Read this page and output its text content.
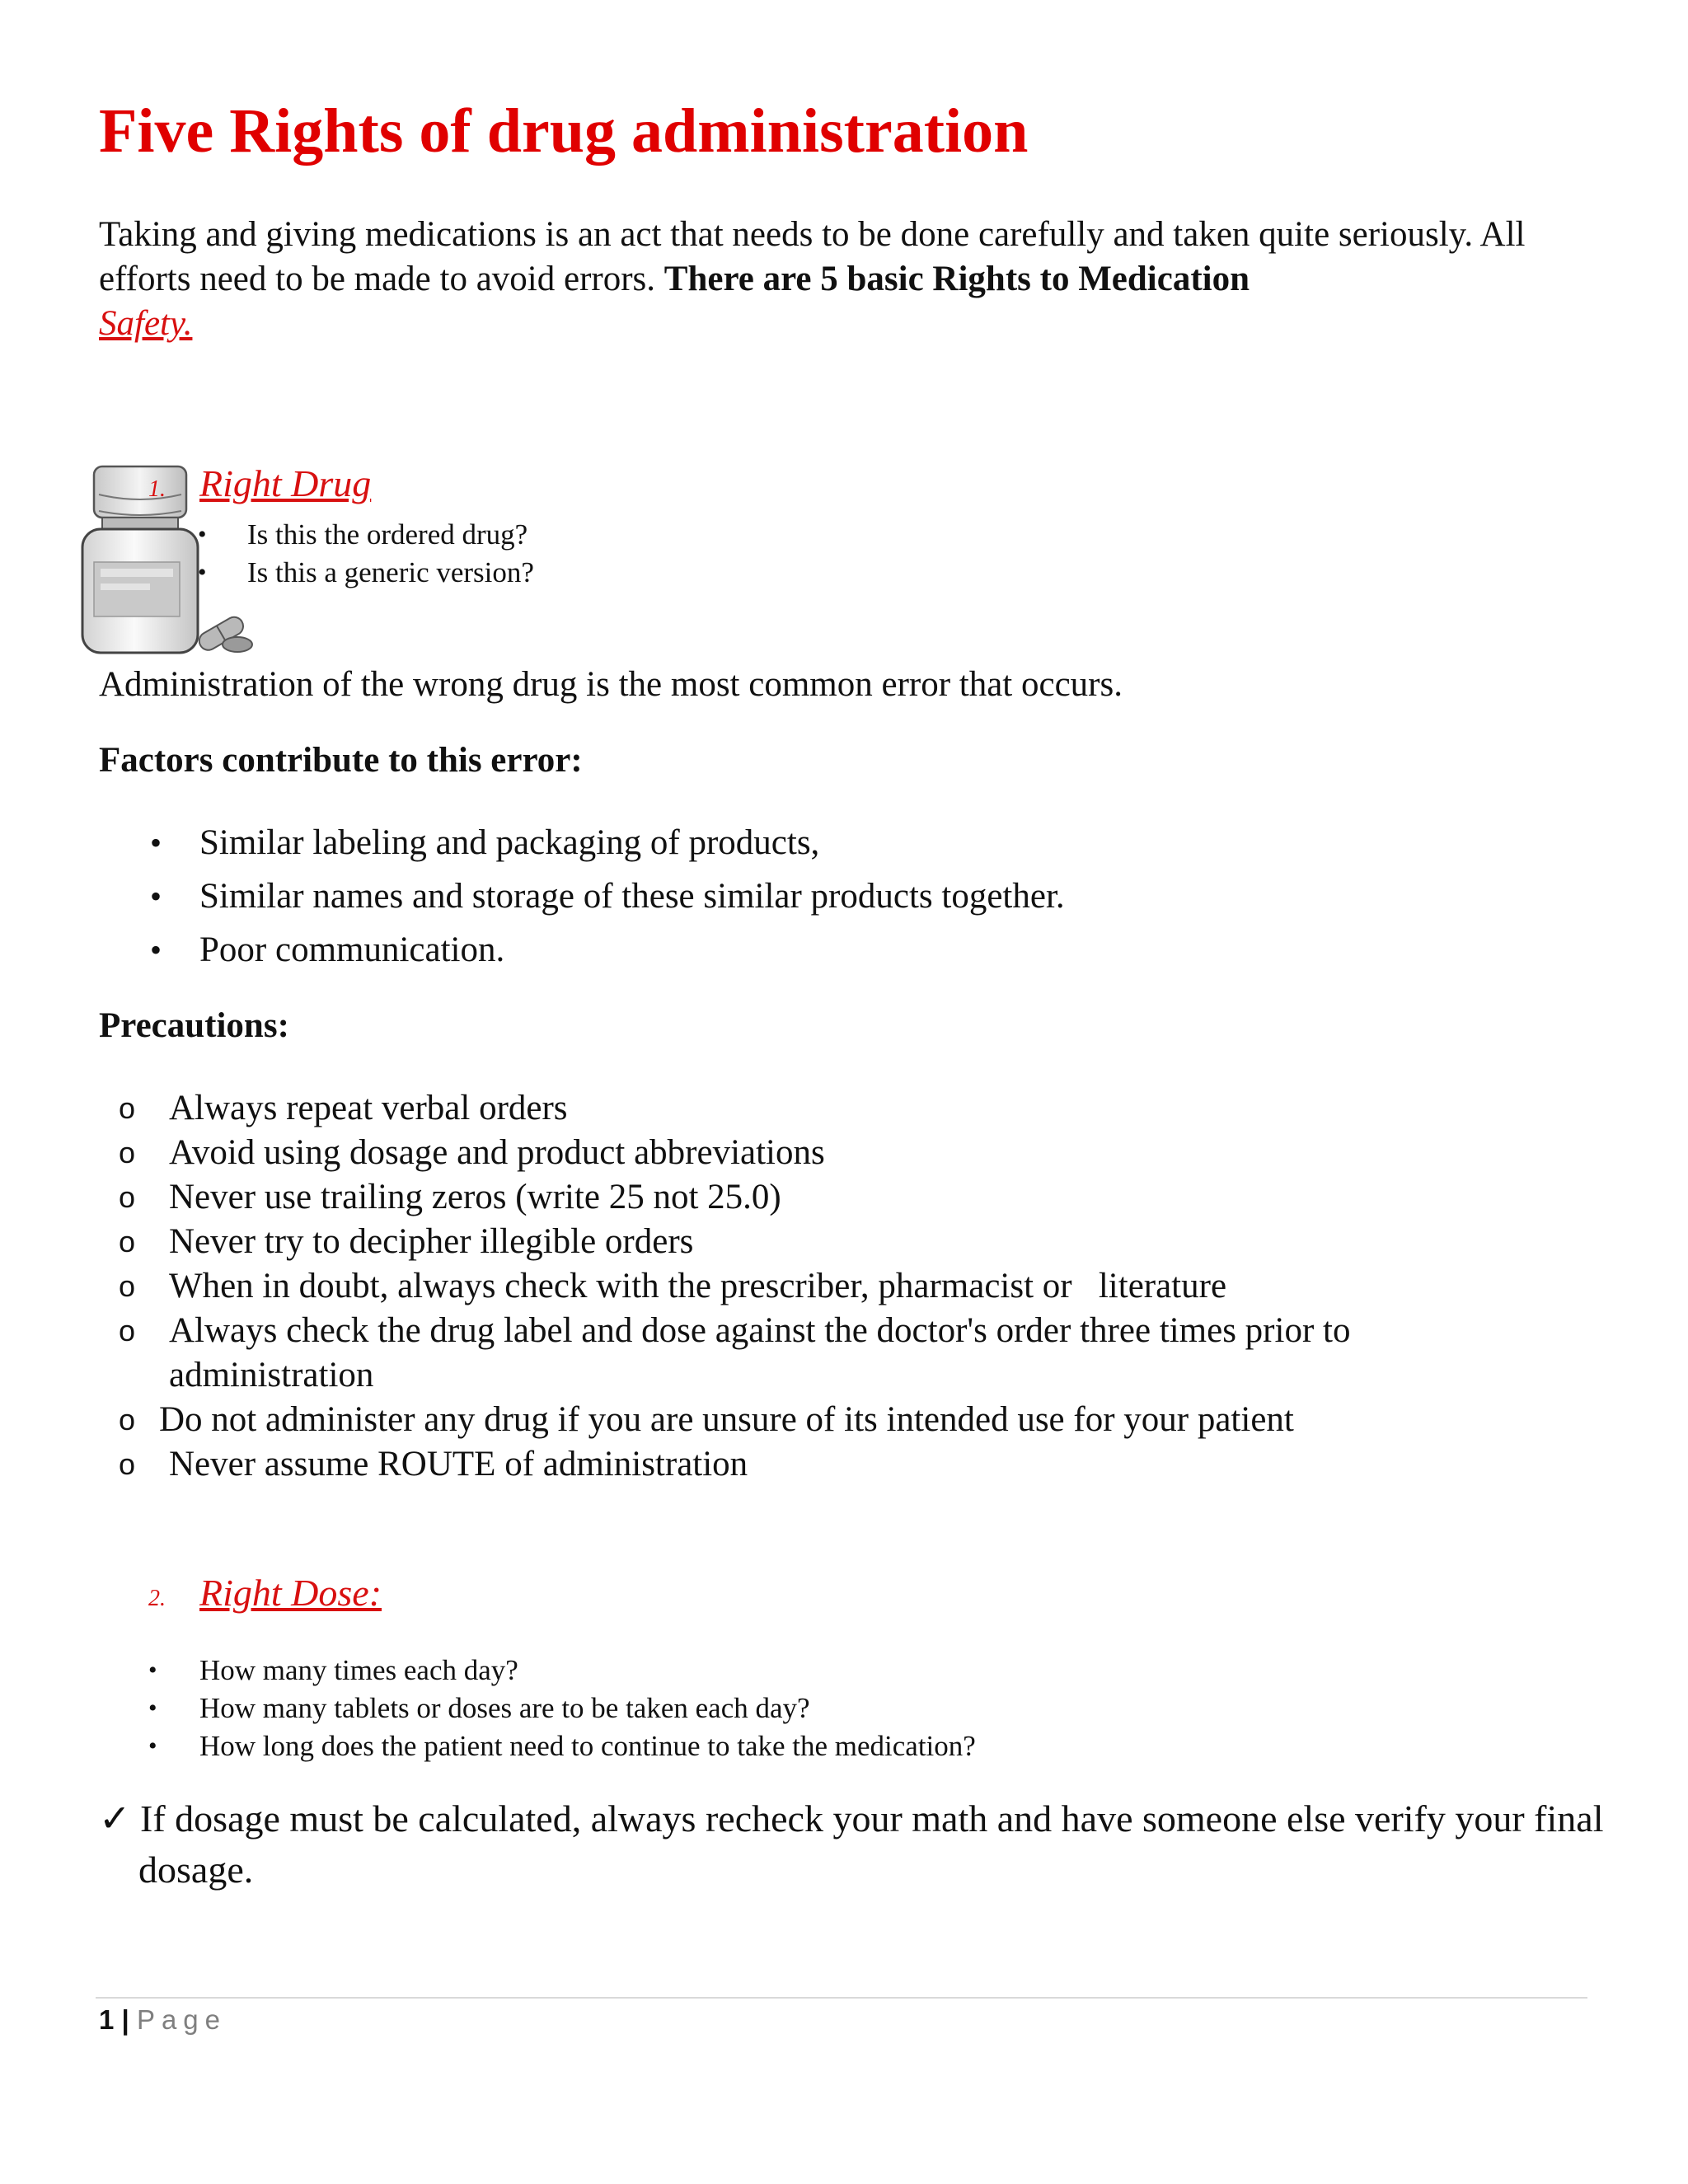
Five Rights of drug administration

Taking and giving medications is an act that needs to be done carefully and taken quite seriously. All efforts need to be made to avoid errors. There are 5 basic Rights to Medication
Safety.

1. Right Drug
• Is this the ordered drug?
• Is this a generic version?

Administration of the wrong drug is the most common error that occurs.

Factors contribute to this error:

• Similar labeling and packaging of products,
• Similar names and storage of these similar products together.
• Poor communication.

Precautions:

o Always repeat verbal orders
o Avoid using dosage and product abbreviations
o Never use trailing zeros (write 25 not 25.0)
o Never try to decipher illegible orders
o When in doubt, always check with the prescriber, pharmacist or   literature
o Always check the drug label and dose against the doctor's order three times prior to administration
o Do not administer any drug if you are unsure of its intended use for your patient
o Never assume ROUTE of administration
2. Right Dose:
• How many times each day?
• How many tablets or doses are to be taken each day?
• How long does the patient need to continue to take the medication?

✓ If dosage must be calculated, always recheck your math and have someone else verify your final dosage.

1 | Page
